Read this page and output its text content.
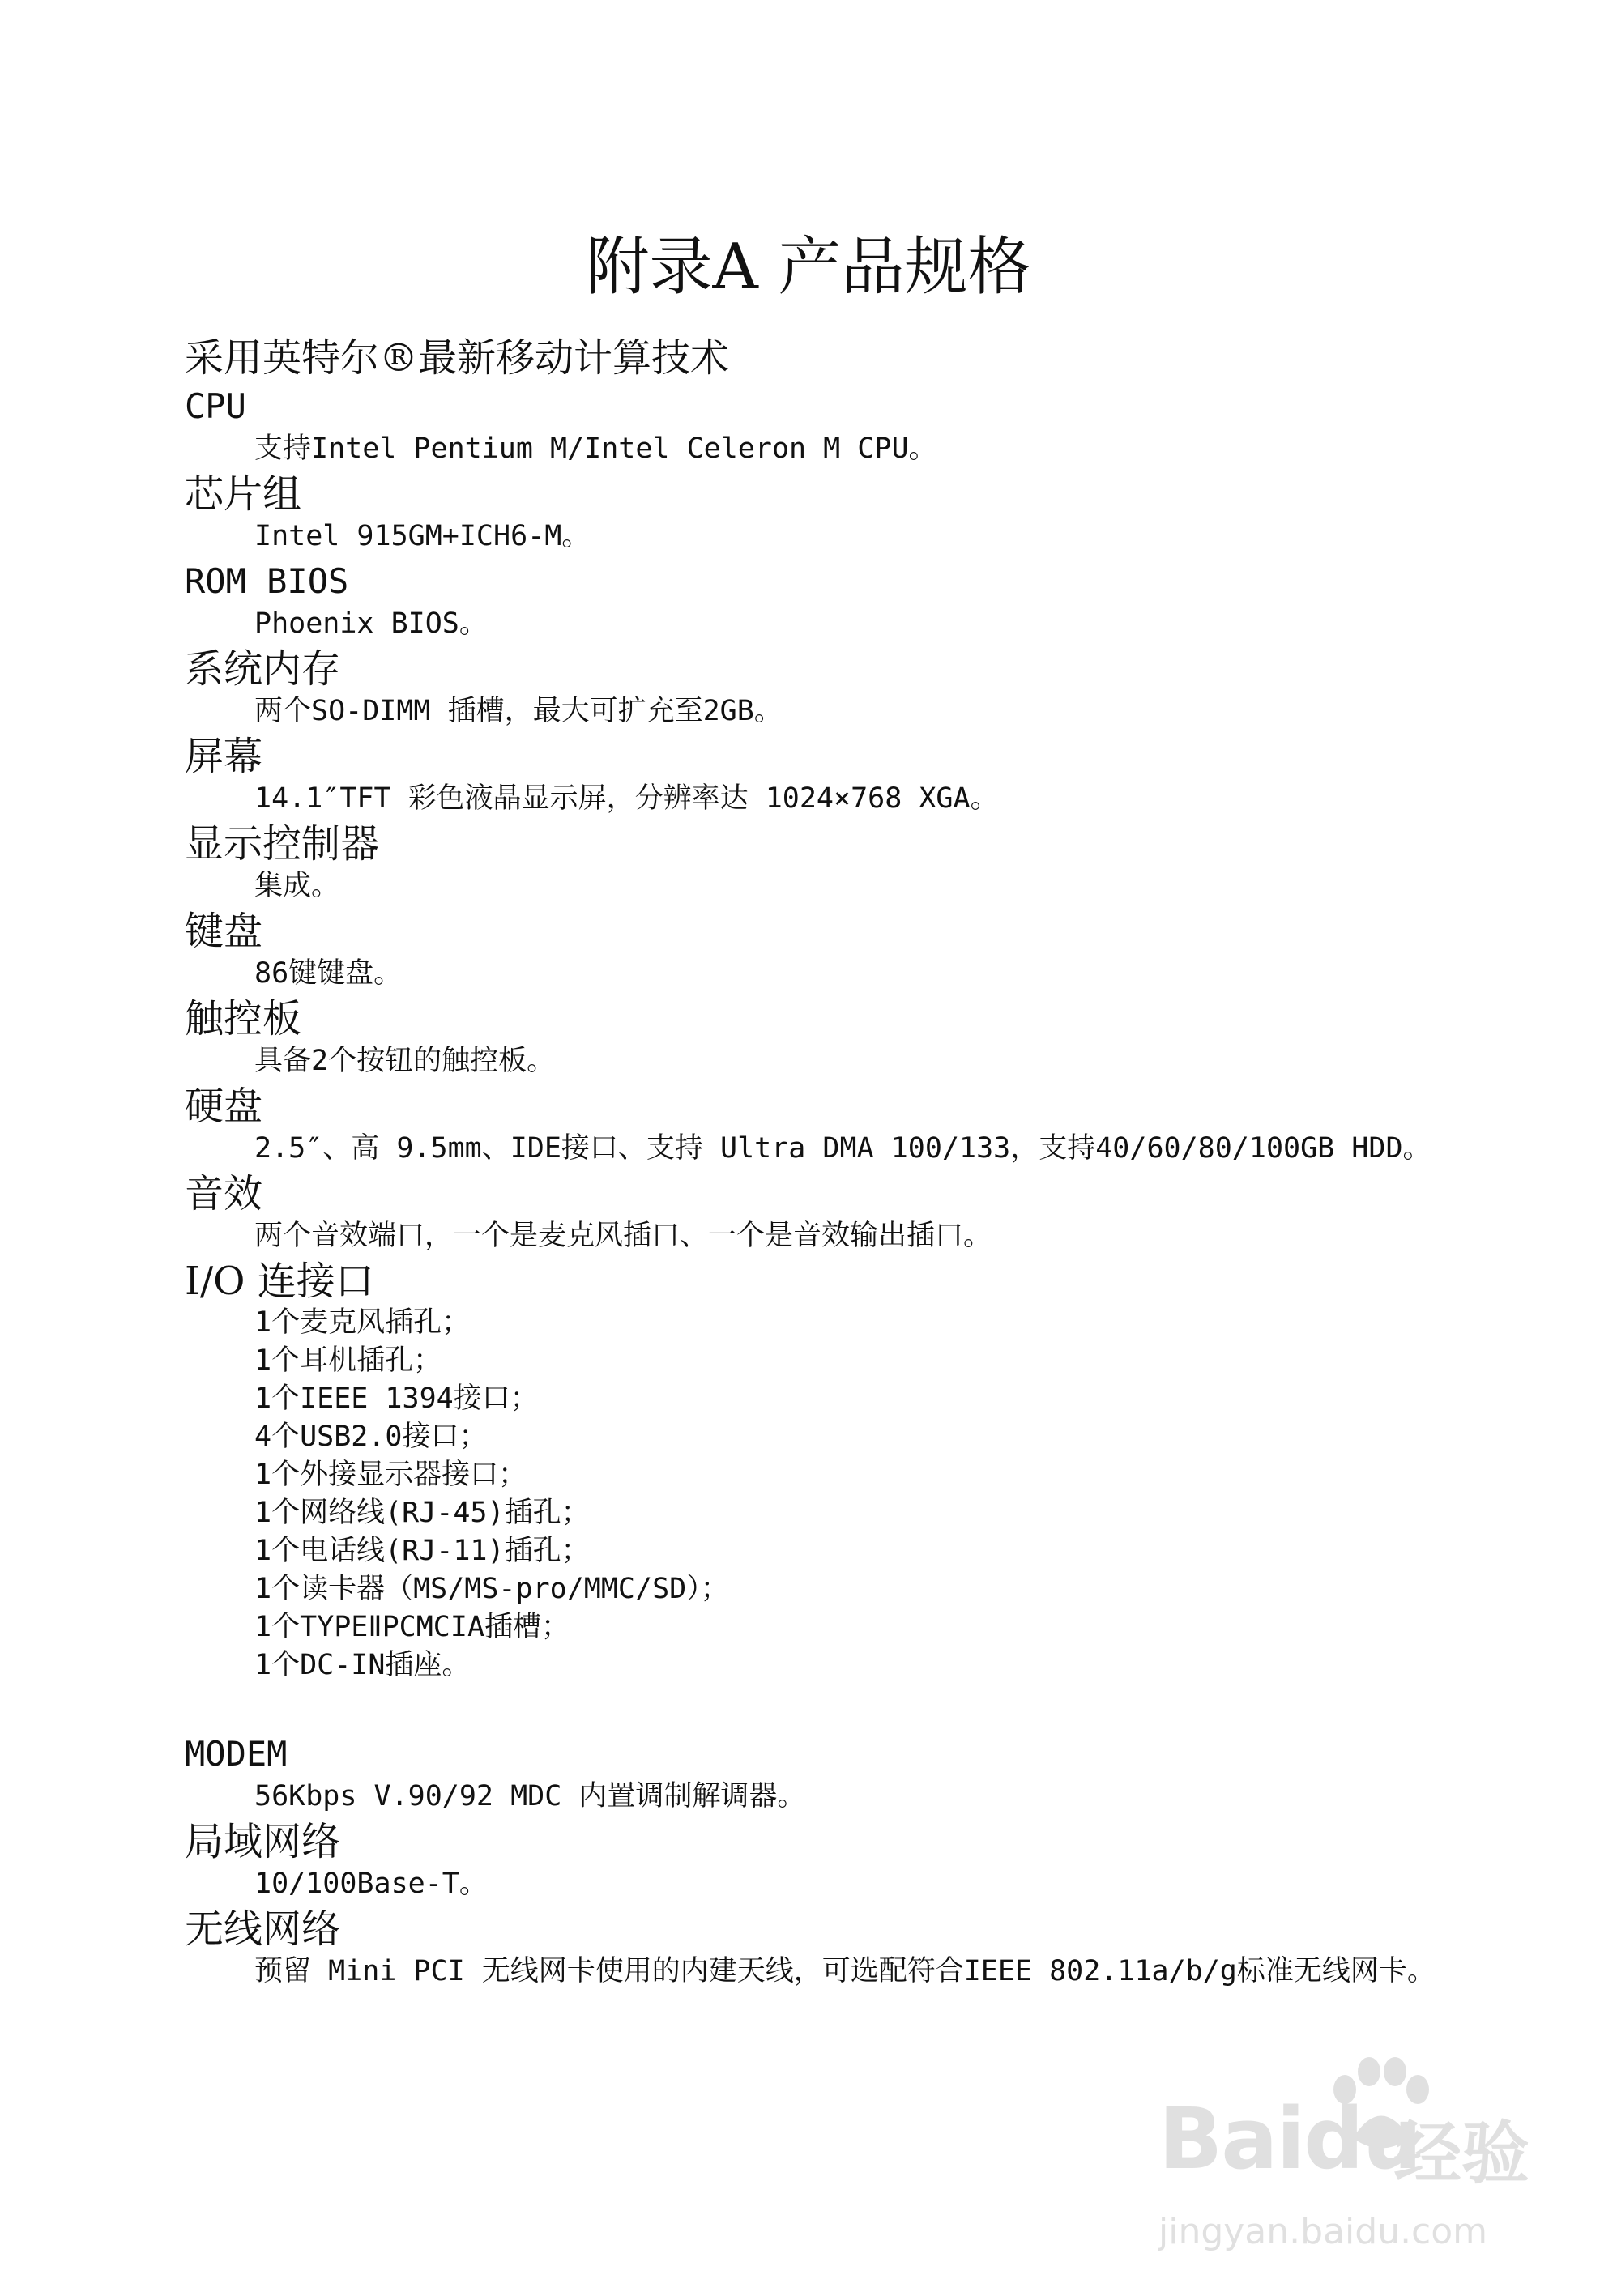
附录A 产品规格

采用英特尔®最新移动计算技术

CPU

支持Intel Pentium M/Intel Celeron M CPU。

芯片组

Intel 915GM+ICH6-M。

ROM BIOS

Phoenix BIOS。

系统内存

两个SO-DIMM 插槽，最大可扩充至2GB。

屏幕

14.1″TFT 彩色液晶显示屏，分辨率达 1024×768 XGA。

显示控制器

集成。

键盘

86键键盘。

触控板

具备2个按钮的触控板。

硬盘

2.5″、高 9.5mm、IDE接口、支持 Ultra DMA 100/133，支持40/60/80/100GB HDD。

音效

两个音效端口，一个是麦克风插口、一个是音效输出插口。

I/O 连接口
1个麦克风插孔；
1个耳机插孔；
1个IEEE 1394接口；
4个USB2.0接口；
1个外接显示器接口；
1个网络线(RJ-45)插孔；
1个电话线(RJ-11)插孔；
1个读卡器（MS/MS-pro/MMC/SD）；
1个TYPEⅡPCMCIA插槽；
1个DC-IN插座。
MODEM

56Kbps V.90/92 MDC 内置调制解调器。

局域网络

10/100Base-T。

无线网络

预留 Mini PCI 无线网卡使用的内建天线，可选配符合IEEE 802.11a/b/g标准无线网卡。

Baidu
经验
jingyan.baidu.com
